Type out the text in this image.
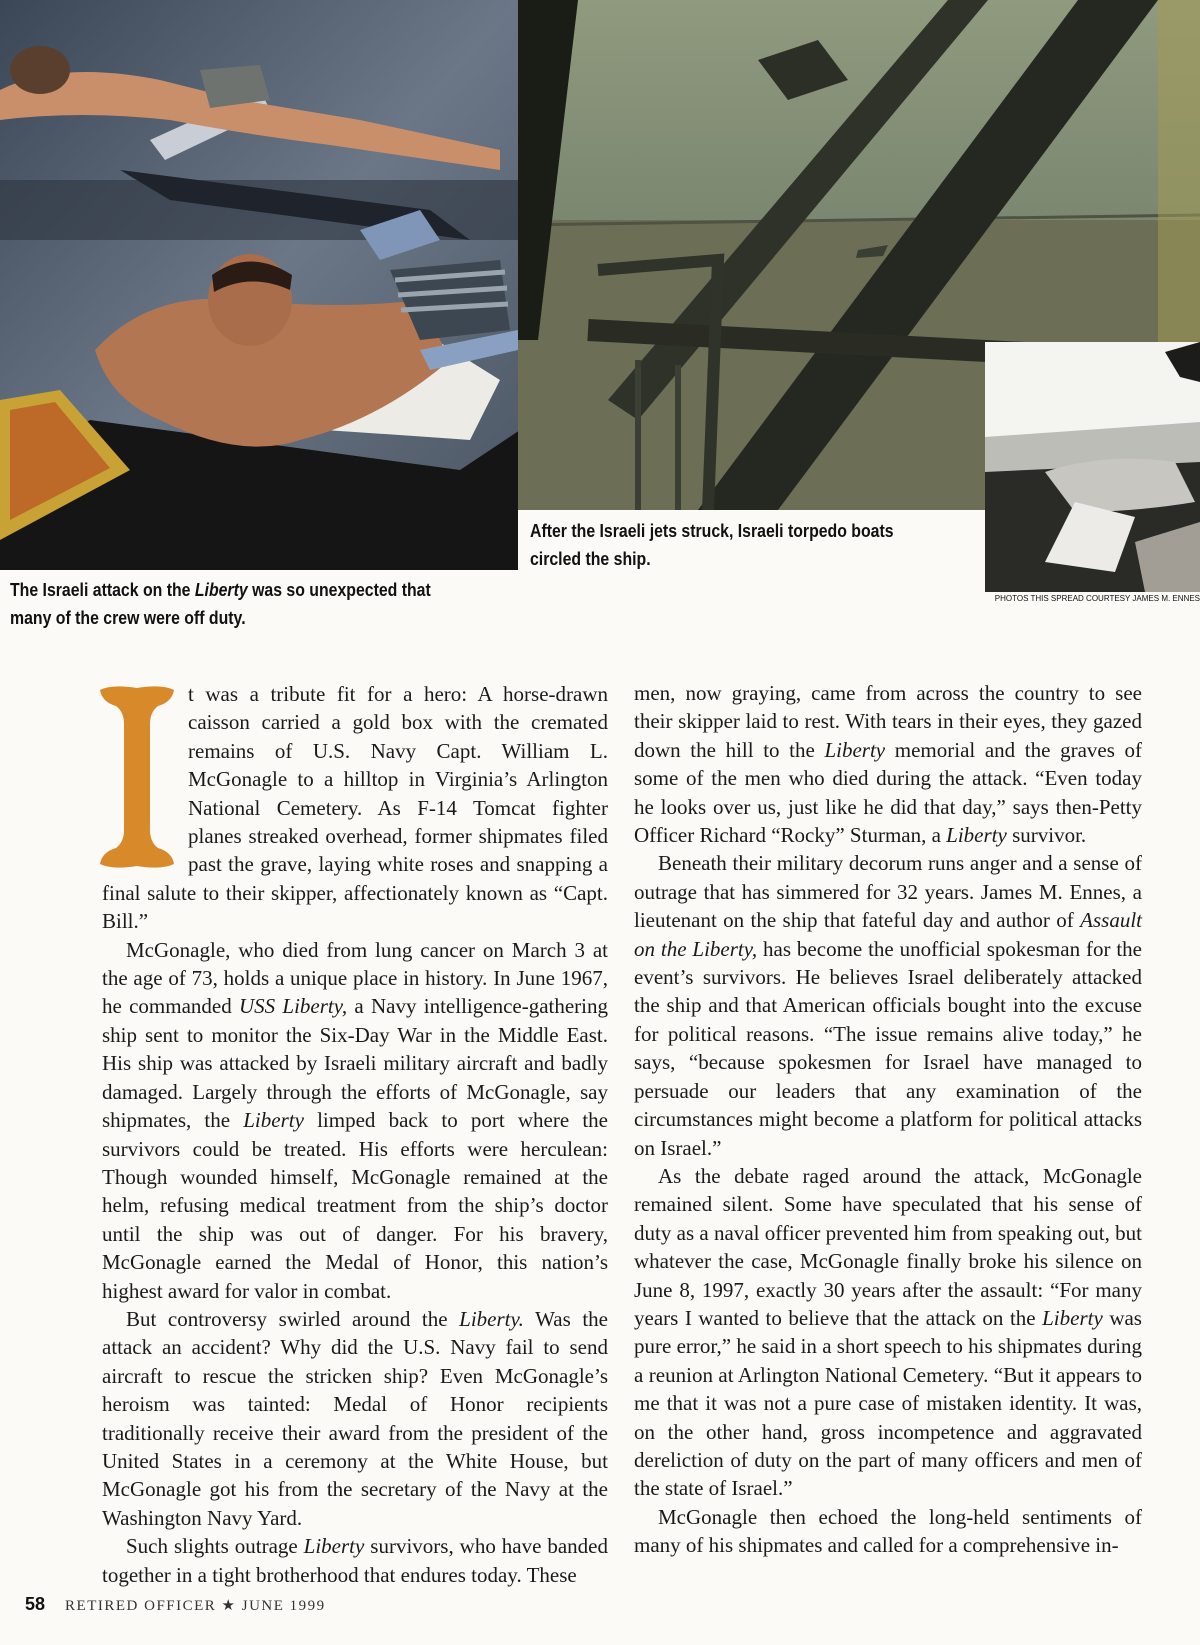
The Israeli attack on the Liberty was so unexpected that many of the crew were off duty.
After the Israeli jets struck, Israeli torpedo boats circled the ship.
PHOTOS THIS SPREAD COURTESY JAMES M. ENNES

t was a tribute fit for a hero: A horse-drawn caisson carried a gold box with the cremated remains of U.S. Navy Capt. William L. McGonagle to a hilltop in Virginia’s Arlington National Cemetery. As F-14 Tomcat fighter planes streaked overhead, former shipmates filed past the grave, laying white roses and snapping a final salute to their skipper, affectionately known as “Capt. Bill.”

McGonagle, who died from lung cancer on March 3 at the age of 73, holds a unique place in history. In June 1967, he commanded USS Liberty, a Navy intelligence-gathering ship sent to monitor the Six-Day War in the Middle East. His ship was attacked by Israeli military aircraft and badly damaged. Largely through the efforts of McGonagle, say shipmates, the Liberty limped back to port where the survivors could be treated. His efforts were herculean: Though wounded himself, McGonagle remained at the helm, refusing medical treatment from the ship’s doctor until the ship was out of danger. For his bravery, McGonagle earned the Medal of Honor, this nation’s highest award for valor in combat.

But controversy swirled around the Liberty. Was the attack an accident? Why did the U.S. Navy fail to send aircraft to rescue the stricken ship? Even McGonagle’s heroism was tainted: Medal of Honor recipients traditionally receive their award from the president of the United States in a ceremony at the White House, but McGonagle got his from the secretary of the Navy at the Washington Navy Yard.

Such slights outrage Liberty survivors, who have banded together in a tight brotherhood that endures today. These

men, now graying, came from across the country to see their skipper laid to rest. With tears in their eyes, they gazed down the hill to the Liberty memorial and the graves of some of the men who died during the attack. “Even today he looks over us, just like he did that day,” says then-Petty Officer Richard “Rocky” Sturman, a Liberty survivor.

Beneath their military decorum runs anger and a sense of outrage that has simmered for 32 years. James M. Ennes, a lieutenant on the ship that fateful day and author of Assault on the Liberty, has become the unofficial spokesman for the event’s survivors. He believes Israel deliberately attacked the ship and that American officials bought into the excuse for political reasons. “The issue remains alive today,” he says, “because spokesmen for Israel have managed to persuade our leaders that any examination of the circumstances might become a platform for political attacks on Israel.”

As the debate raged around the attack, McGonagle remained silent. Some have speculated that his sense of duty as a naval officer prevented him from speaking out, but whatever the case, McGonagle finally broke his silence on June 8, 1997, exactly 30 years after the assault: “For many years I wanted to believe that the attack on the Liberty was pure error,” he said in a short speech to his shipmates during a reunion at Arlington National Cemetery. “But it appears to me that it was not a pure case of mistaken identity. It was, on the other hand, gross incompetence and aggravated dereliction of duty on the part of many officers and men of the state of Israel.”

McGonagle then echoed the long-held sentiments of many of his shipmates and called for a comprehensive in-

58 RETIRED OFFICER ★ JUNE 1999
